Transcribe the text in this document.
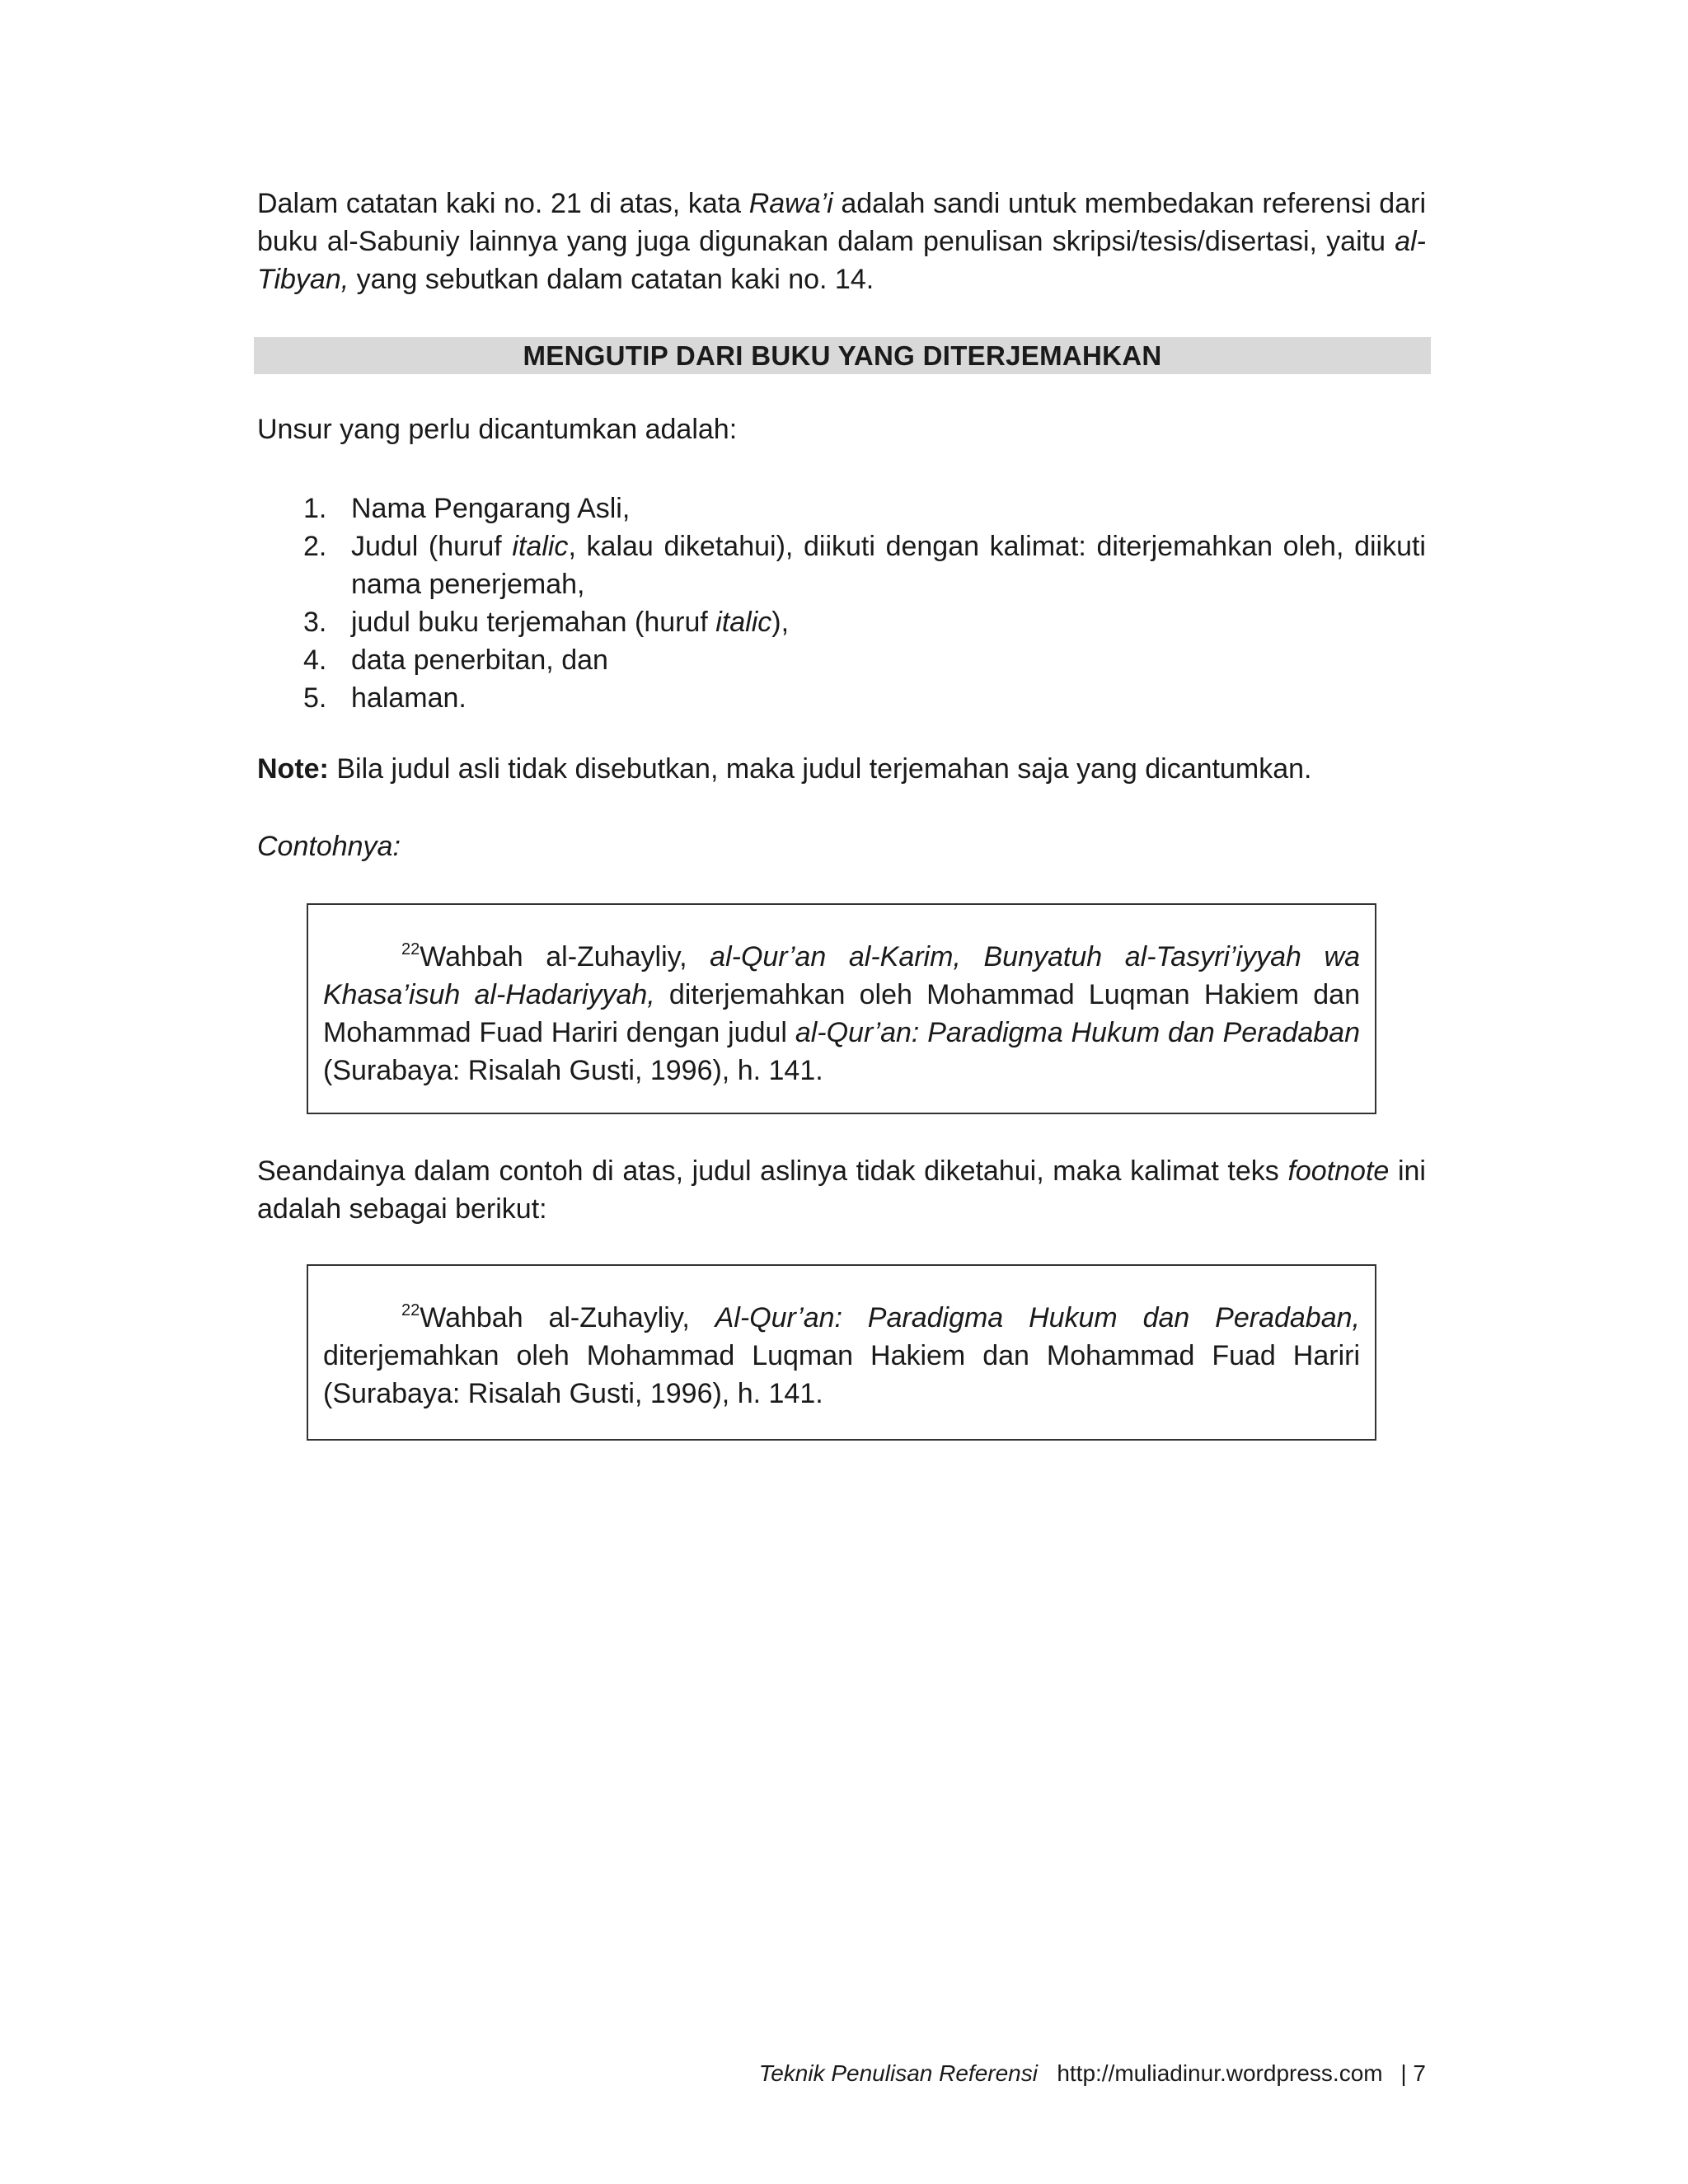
Dalam catatan kaki no. 21 di atas, kata Rawa’i adalah sandi untuk membedakan referensi dari buku al-Sabuniy lainnya yang juga digunakan dalam penulisan skripsi/tesis/disertasi, yaitu al-Tibyan, yang sebutkan dalam catatan kaki no. 14.

MENGUTIP DARI BUKU YANG DITERJEMAHKAN

Unsur yang perlu dicantumkan adalah:

1. Nama Pengarang Asli,
2. Judul (huruf italic, kalau diketahui), diikuti dengan kalimat: diterjemahkan oleh, diikuti nama penerjemah,
3. judul buku terjemahan (huruf italic),
4. data penerbitan, dan
5. halaman.

Note: Bila judul asli tidak disebutkan, maka judul terjemahan saja yang dicantumkan.

Contohnya:

$^{22}$Wahbah al-Zuhayliy, al-Qur’an al-Karim, Bunyatuh al-Tasyri’iyyah wa Khasa’isuh al-Hadariyyah, diterjemahkan oleh Mohammad Luqman Hakiem dan Mohammad Fuad Hariri dengan judul al-Qur’an: Paradigma Hukum dan Peradaban (Surabaya: Risalah Gusti, 1996), h. 141.

Seandainya dalam contoh di atas, judul aslinya tidak diketahui, maka kalimat teks footnote ini adalah sebagai berikut:

$^{22}$Wahbah al-Zuhayliy, Al-Qur’an: Paradigma Hukum dan Peradaban, diterjemahkan oleh Mohammad Luqman Hakiem dan Mohammad Fuad Hariri (Surabaya: Risalah Gusti, 1996), h. 141.

Teknik Penulisan Referensi http://muliadinur.wordpress.com | 7
